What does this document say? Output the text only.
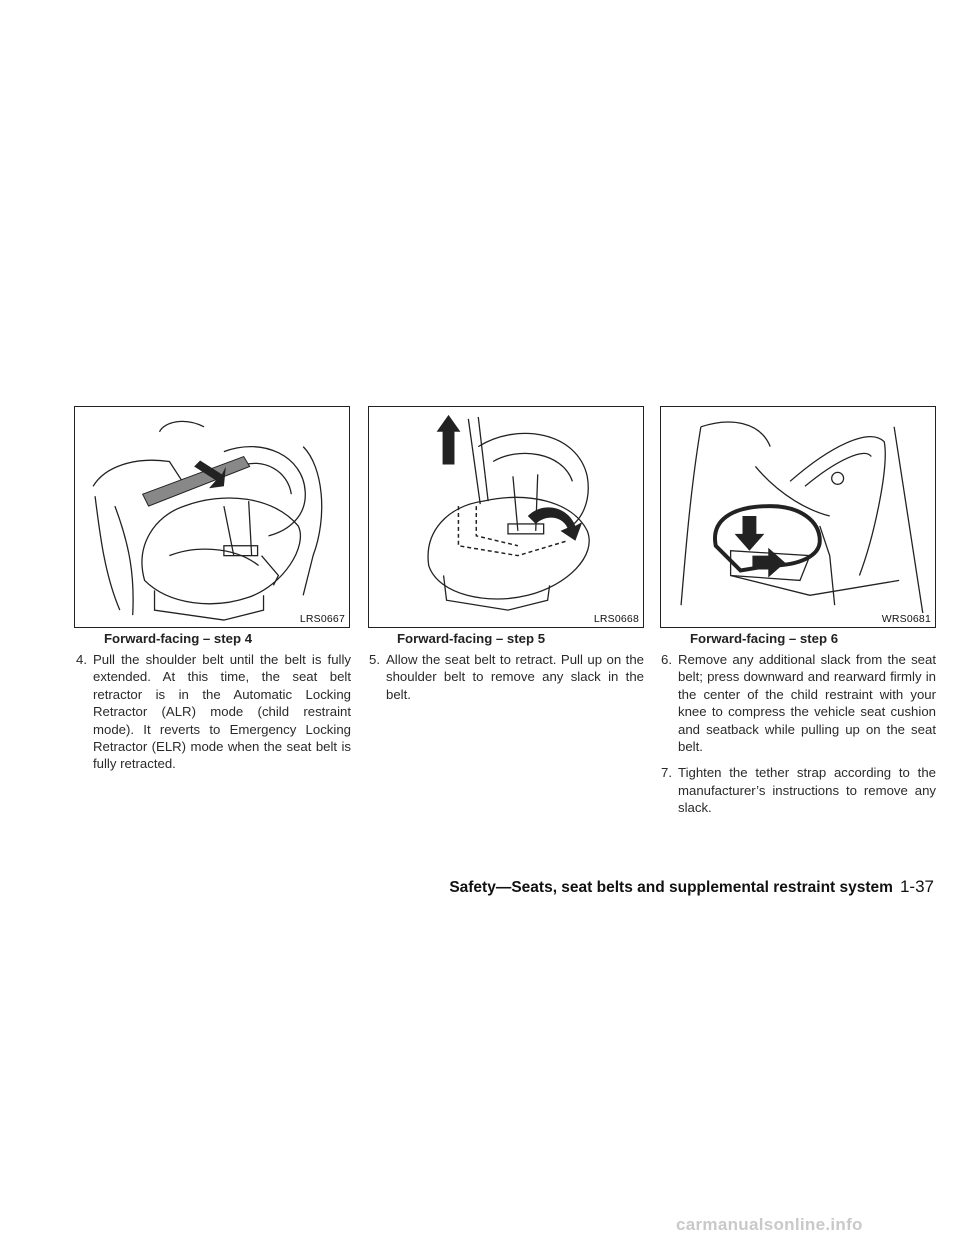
LRS0667	LRS0668	WRS0681
Forward-facing – step 4	Forward-facing – step 5	Forward-facing – step 6

4. Pull the shoulder belt until the belt is fully extended. At this time, the seat belt retractor is in the Automatic Locking Retractor (ALR) mode (child restraint mode). It reverts to Emergency Locking Retractor (ELR) mode when the seat belt is fully retracted.

5. Allow the seat belt to retract. Pull up on the shoulder belt to remove any slack in the belt.

6. Remove any additional slack from the seat belt; press downward and rearward firmly in the center of the child restraint with your knee to compress the vehicle seat cushion and seatback while pulling up on the seat belt.

7. Tighten the tether strap according to the manufacturer’s instructions to remove any slack.

Safety—Seats, seat belts and supplemental restraint system 1-37
carmanualsonline.info
